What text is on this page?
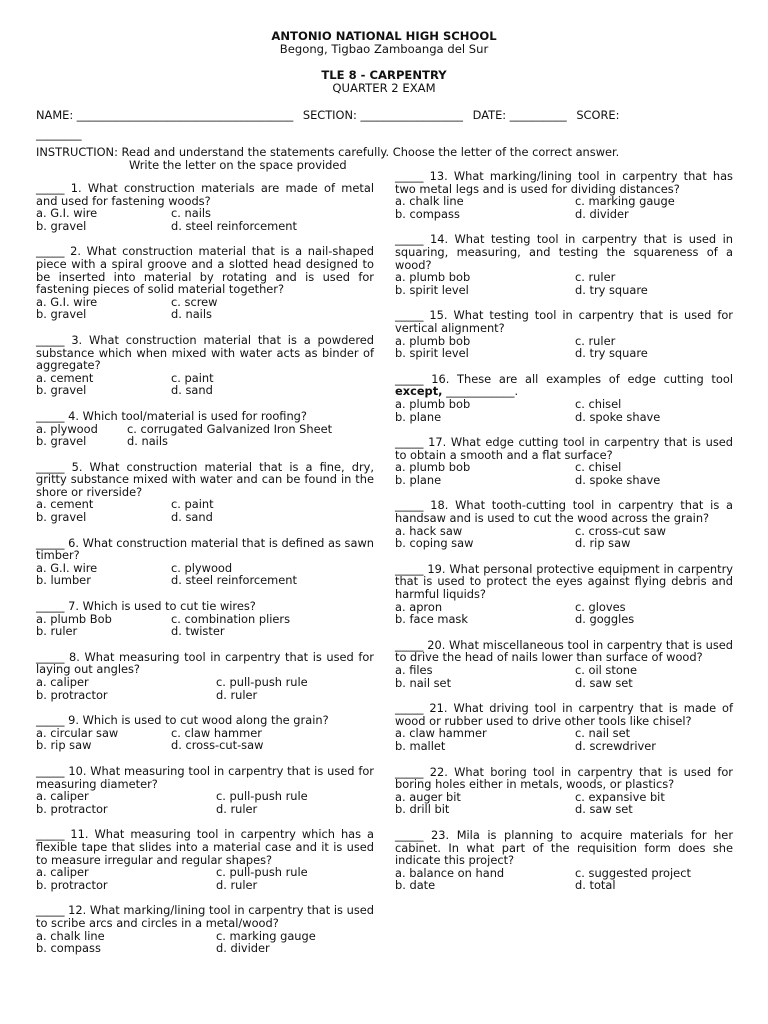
ANTONIO NATIONAL HIGH SCHOOL
Begong, Tigbao Zamboanga del Sur
TLE 8 - CARPENTRY
QUARTER 2 EXAM
NAME: ______________________________________ SECTION: __________________ DATE: __________ SCORE:
________
INSTRUCTION: Read and understand the statements carefully. Choose the letter of the correct answer.
Write the letter on the space provided
_____ 1. What construction materials are made of metal and used for fastening woods?
a. G.I. wire	c. nails
b. gravel	d. steel reinforcement
_____ 2. What construction material that is a nail-shaped piece with a spiral groove and a slotted head designed to be inserted into material by rotating and is used for fastening pieces of solid material together?
a. G.I. wire	c. screw
b. gravel	d. nails
_____ 3. What construction material that is a powdered substance which when mixed with water acts as binder of aggregate?
a. cement	c. paint
b. gravel	d. sand
_____ 4. Which tool/material is used for roofing?
a. plywood	c. corrugated Galvanized Iron Sheet
b. gravel	d. nails
_____ 5. What construction material that is a fine, dry, gritty substance mixed with water and can be found in the shore or riverside?
a. cement	c. paint
b. gravel	d. sand
_____ 6. What construction material that is defined as sawn timber?
a. G.I. wire	c. plywood
b. lumber	d. steel reinforcement
_____ 7. Which is used to cut tie wires?
a. plumb Bob	c. combination pliers
b. ruler	d. twister
_____ 8. What measuring tool in carpentry that is used for laying out angles?
a. caliper	c. pull-push rule
b. protractor	d. ruler
_____ 9. Which is used to cut wood along the grain?
a. circular saw	c. claw hammer
b. rip saw	d. cross-cut-saw
_____ 10. What measuring tool in carpentry that is used for measuring diameter?
a. caliper	c. pull-push rule
b. protractor	d. ruler
_____ 11. What measuring tool in carpentry which has a flexible tape that slides into a material case and it is used to measure irregular and regular shapes?
a. caliper	c. pull-push rule
b. protractor	d. ruler
_____ 12. What marking/lining tool in carpentry that is used to scribe arcs and circles in a metal/wood?
a. chalk line	c. marking gauge
b. compass	d. divider
_____ 13. What marking/lining tool in carpentry that has two metal legs and is used for dividing distances?
a. chalk line	c. marking gauge
b. compass	d. divider
_____ 14. What testing tool in carpentry that is used in squaring, measuring, and testing the squareness of a wood?
a. plumb bob	c. ruler
b. spirit level	d. try square
_____ 15. What testing tool in carpentry that is used for vertical alignment?
a. plumb bob	c. ruler
b. spirit level	d. try square
_____ 16. These are all examples of edge cutting tool except, ____________.
a. plumb bob	c. chisel
b. plane	d. spoke shave
_____ 17. What edge cutting tool in carpentry that is used to obtain a smooth and a flat surface?
a. plumb bob	c. chisel
b. plane	d. spoke shave
_____ 18. What tooth-cutting tool in carpentry that is a handsaw and is used to cut the wood across the grain?
a. hack saw	c. cross-cut saw
b. coping saw	d. rip saw
_____ 19. What personal protective equipment in carpentry that is used to protect the eyes against flying debris and harmful liquids?
a. apron	c. gloves
b. face mask	d. goggles
_____ 20. What miscellaneous tool in carpentry that is used to drive the head of nails lower than surface of wood?
a. files	c. oil stone
b. nail set	d. saw set
_____ 21. What driving tool in carpentry that is made of wood or rubber used to drive other tools like chisel?
a. claw hammer	c. nail set
b. mallet	d. screwdriver
_____ 22. What boring tool in carpentry that is used for boring holes either in metals, woods, or plastics?
a. auger bit	c. expansive bit
b. drill bit	d. saw set
_____ 23. Mila is planning to acquire materials for her cabinet. In what part of the requisition form does she indicate this project?
a. balance on hand	c. suggested project
b. date	d. total
